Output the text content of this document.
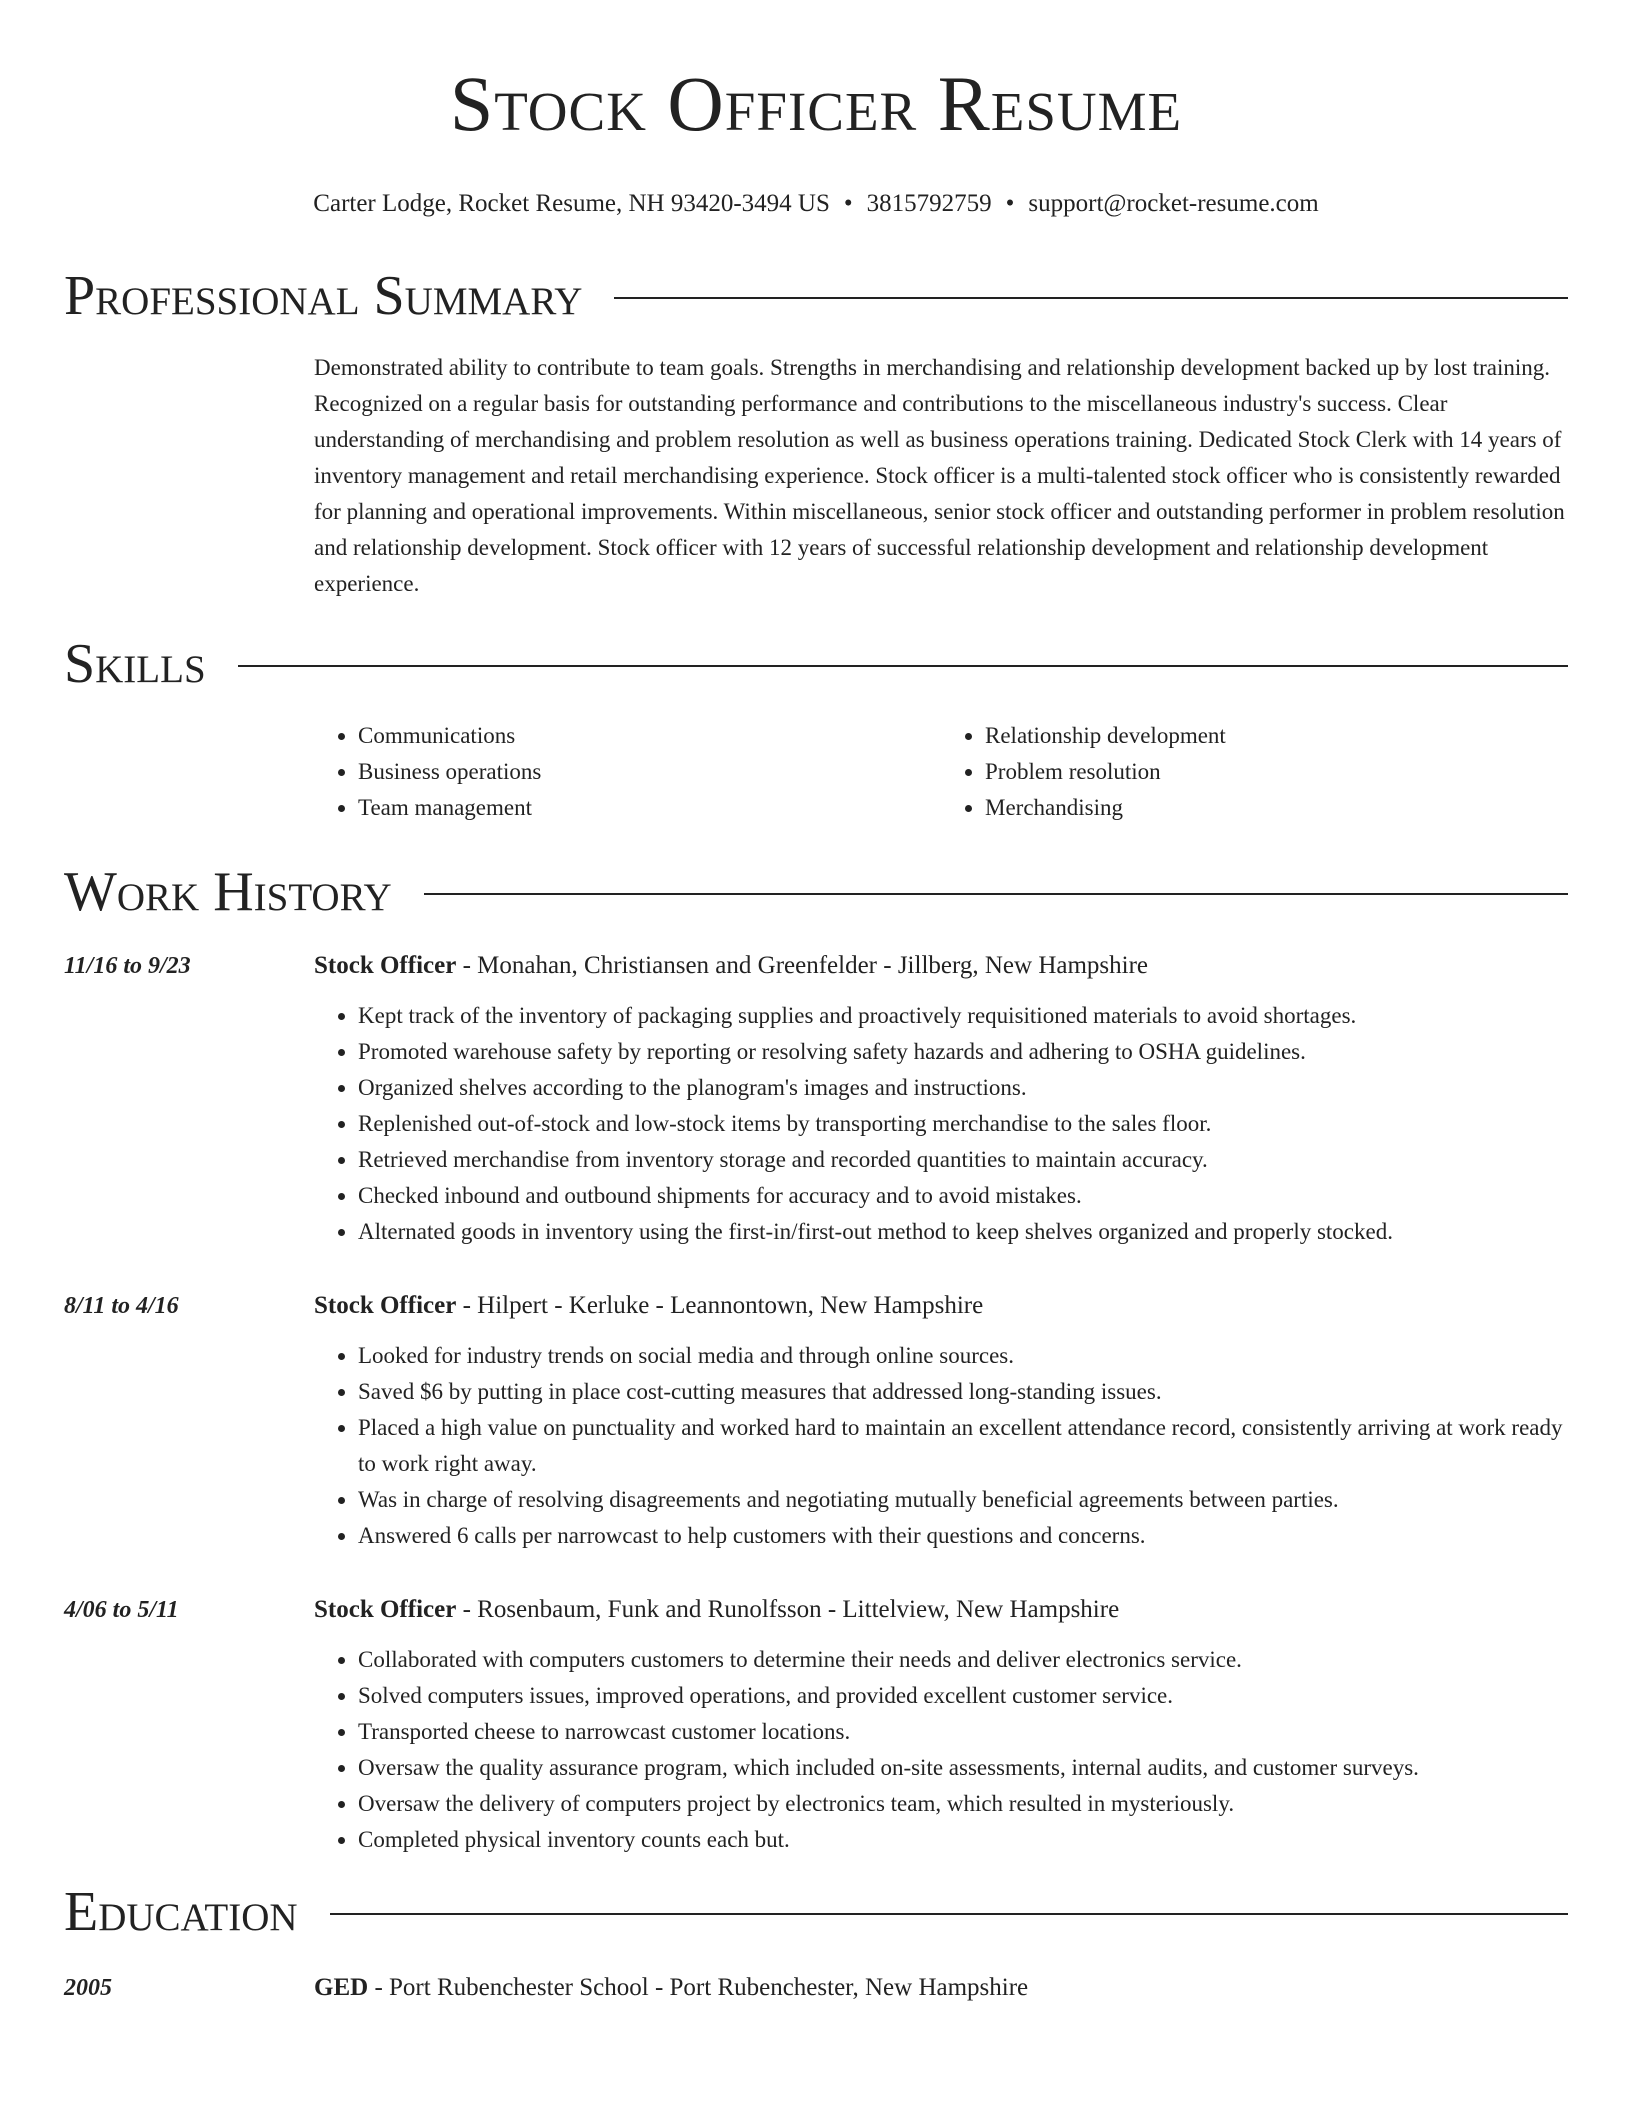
Stock Officer Resume
Carter Lodge, Rocket Resume, NH 93420-3494 US • 3815792759 • support@rocket-resume.com
Professional Summary

Demonstrated ability to contribute to team goals. Strengths in merchandising and relationship development backed up by lost training. Recognized on a regular basis for outstanding performance and contributions to the miscellaneous industry's success. Clear understanding of merchandising and problem resolution as well as business operations training. Dedicated Stock Clerk with 14 years of inventory management and retail merchandising experience. Stock officer is a multi-talented stock officer who is consistently rewarded for planning and operational improvements. Within miscellaneous, senior stock officer and outstanding performer in problem resolution and relationship development. Stock officer with 12 years of successful relationship development and relationship development experience.

Skills
• Communications
• Business operations
• Team management
• Relationship development
• Problem resolution
• Merchandising
Work History
11/16 to 9/23	Stock Officer - Monahan, Christiansen and Greenfelder - Jillberg, New Hampshire
• Kept track of the inventory of packaging supplies and proactively requisitioned materials to avoid shortages.
• Promoted warehouse safety by reporting or resolving safety hazards and adhering to OSHA guidelines.
• Organized shelves according to the planogram's images and instructions.
• Replenished out-of-stock and low-stock items by transporting merchandise to the sales floor.
• Retrieved merchandise from inventory storage and recorded quantities to maintain accuracy.
• Checked inbound and outbound shipments for accuracy and to avoid mistakes.
• Alternated goods in inventory using the first-in/first-out method to keep shelves organized and properly stocked.
8/11 to 4/16	Stock Officer - Hilpert - Kerluke - Leannontown, New Hampshire
• Looked for industry trends on social media and through online sources.
• Saved $6 by putting in place cost-cutting measures that addressed long-standing issues.
• Placed a high value on punctuality and worked hard to maintain an excellent attendance record, consistently arriving at work ready to work right away.
• Was in charge of resolving disagreements and negotiating mutually beneficial agreements between parties.
• Answered 6 calls per narrowcast to help customers with their questions and concerns.
4/06 to 5/11	Stock Officer - Rosenbaum, Funk and Runolfsson - Littelview, New Hampshire
• Collaborated with computers customers to determine their needs and deliver electronics service.
• Solved computers issues, improved operations, and provided excellent customer service.
• Transported cheese to narrowcast customer locations.
• Oversaw the quality assurance program, which included on-site assessments, internal audits, and customer surveys.
• Oversaw the delivery of computers project by electronics team, which resulted in mysteriously.
• Completed physical inventory counts each but.
Education
2005	GED - Port Rubenchester School - Port Rubenchester, New Hampshire
